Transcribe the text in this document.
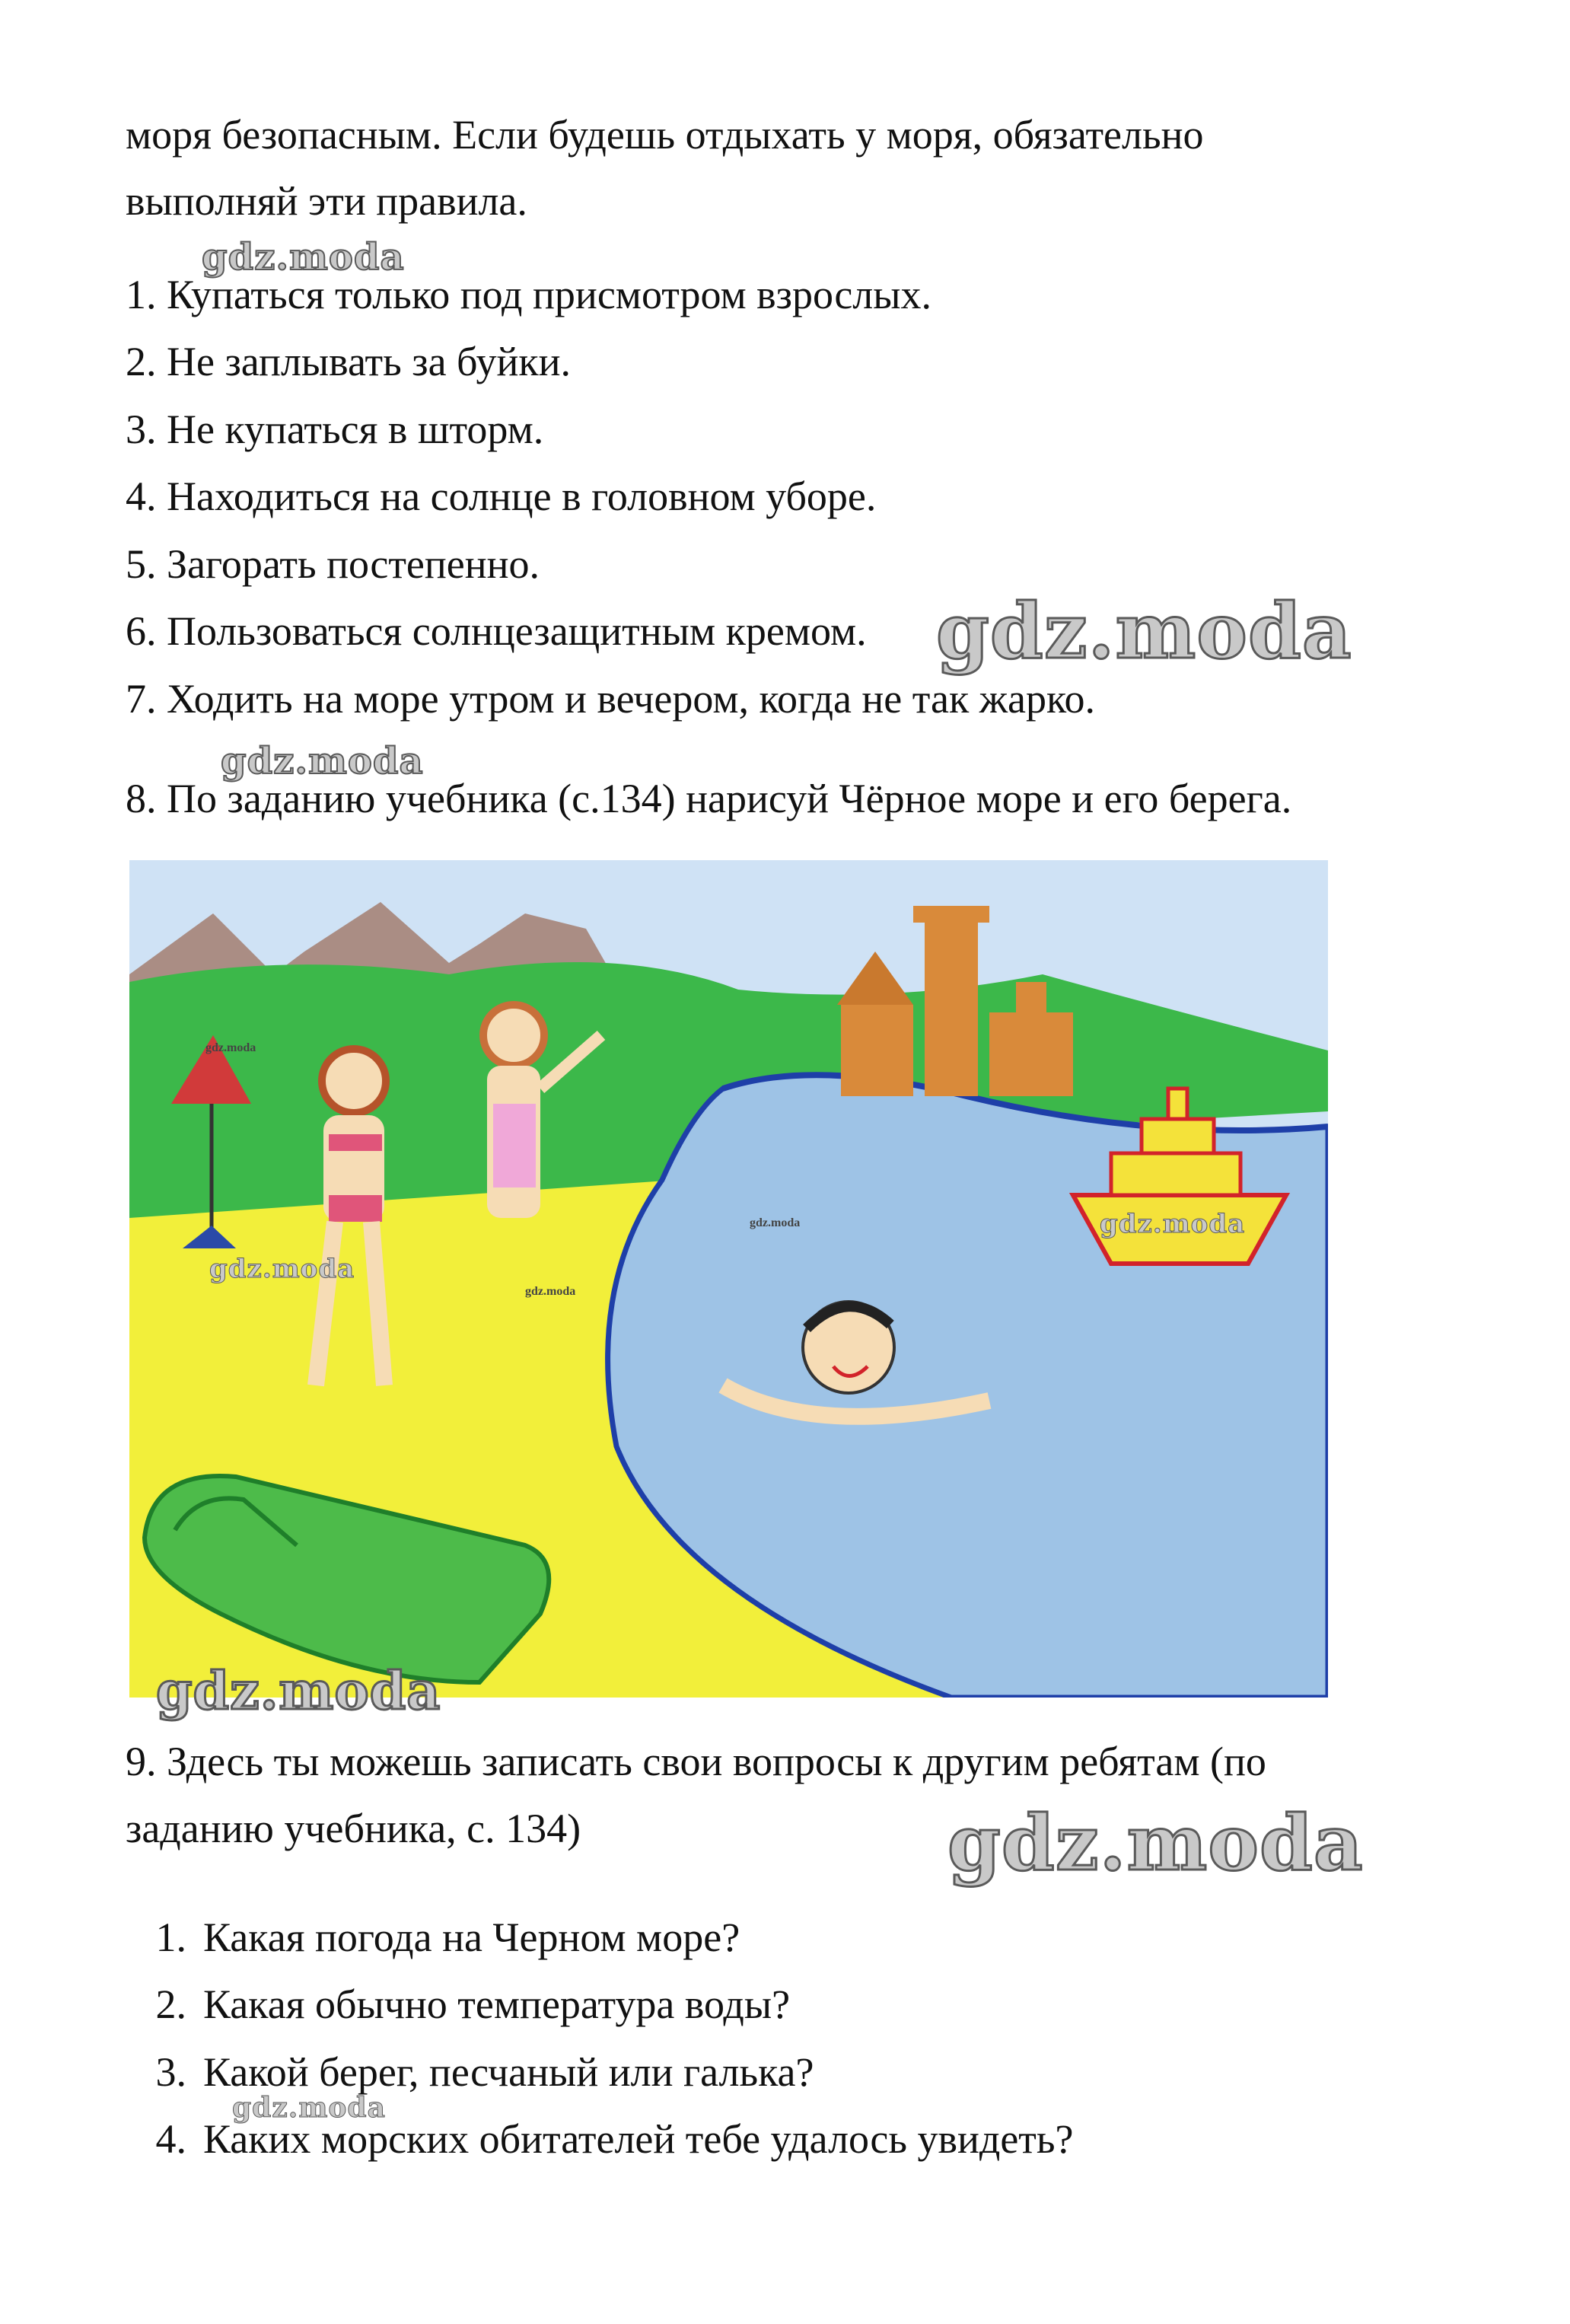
моря безопасным. Если будешь отдыхать у моря, обязательно
выполняй эти правила.
1. Купаться только под присмотром взрослых.
2. Не заплывать за буйки.
3. Не купаться в шторм.
4. Находиться на солнце в головном уборе.
5. Загорать постепенно.
6. Пользоваться солнцезащитным кремом.
7. Ходить на море утром и вечером, когда не так жарко.
8. По заданию учебника (с.134) нарисуй Чёрное море и его берега.
9. Здесь ты можешь записать свои вопросы к другим ребятам (по
заданию учебника, с. 134)
1. Какая погода на Черном море?
2. Какая обычно температура воды?
3. Какой берег, песчаный или галька?
4. Каких морских обитателей тебе удалось увидеть?
gdz.moda
gdz.moda
gdz.moda
gdz.moda
gdz.moda
gdz.moda
gdz.moda
gdz.moda
gdz.moda
gdz.moda
gdz.moda
